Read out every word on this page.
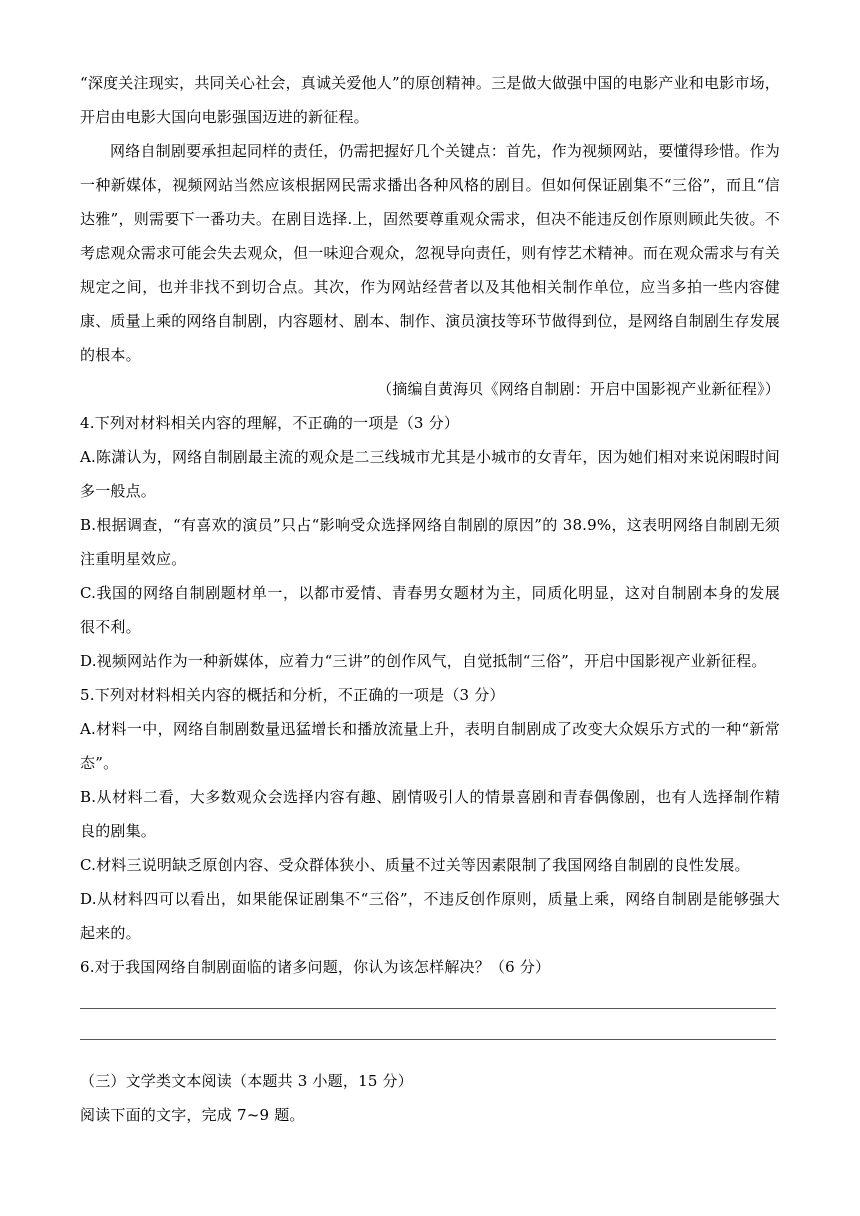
“深度关注现实，共同关心社会，真诚关爱他人”的原创精神。三是做大做强中国的电影产业和电影市场，开启由电影大国向电影强国迈进的新征程。

网络自制剧要承担起同样的责任，仍需把握好几个关键点：首先，作为视频网站，要懂得珍惜。作为一种新媒体，视频网站当然应该根据网民需求播出各种风格的剧目。但如何保证剧集不“三俗”，而且“信达雅”，则需要下一番功夫。在剧目选择.上，固然要尊重观众需求，但决不能违反创作原则顾此失彼。不考虑观众需求可能会失去观众，但一味迎合观众，忽视导向责任，则有悖艺术精神。而在观众需求与有关规定之间，也并非找不到切合点。其次，作为网站经营者以及其他相关制作单位，应当多拍一些内容健康、质量上乘的网络自制剧，内容题材、剧本、制作、演员演技等环节做得到位，是网络自制剧生存发展的根本。

（摘编自黄海贝《网络自制剧：开启中国影视产业新征程》）

4.下列对材料相关内容的理解，不正确的一项是（3 分）

A.陈潇认为，网络自制剧最主流的观众是二三线城市尤其是小城市的女青年，因为她们相对来说闲暇时间多一般点。

B.根据调查，“有喜欢的演员”只占“影响受众选择网络自制剧的原因”的 38.9%，这表明网络自制剧无须注重明星效应。

C.我国的网络自制剧题材单一，以都市爱情、青春男女题材为主，同质化明显，这对自制剧本身的发展很不利。

D.视频网站作为一种新媒体，应着力“三讲”的创作风气，自觉抵制“三俗”，开启中国影视产业新征程。

5.下列对材料相关内容的概括和分析，不正确的一项是（3 分）

A.材料一中，网络自制剧数量迅猛增长和播放流量上升，表明自制剧成了改变大众娱乐方式的一种“新常态”。

B.从材料二看，大多数观众会选择内容有趣、剧情吸引人的情景喜剧和青春偶像剧，也有人选择制作精良的剧集。

C.材料三说明缺乏原创内容、受众群体狭小、质量不过关等因素限制了我国网络自制剧的良性发展。

D.从材料四可以看出，如果能保证剧集不“三俗”，不违反创作原则，质量上乘，网络自制剧是能够强大起来的。

6.对于我国网络自制剧面临的诸多问题，你认为该怎样解决？（6 分）

（三）文学类文本阅读（本题共 3 小题，15 分）

阅读下面的文字，完成 7~9 题。
